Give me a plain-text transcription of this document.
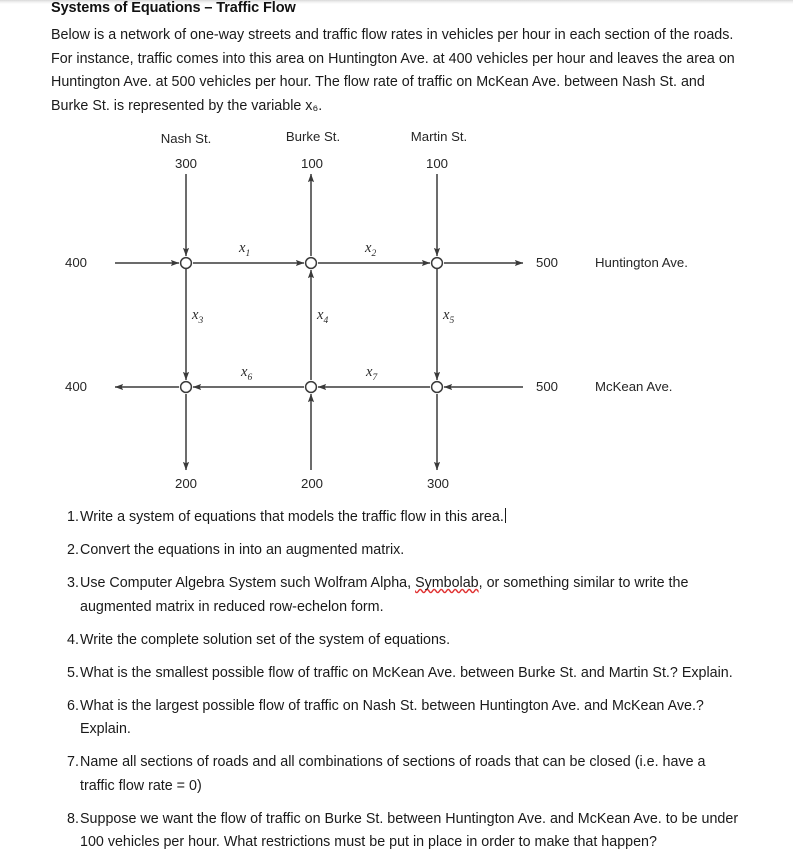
Systems of Equations – Traffic Flow
Below is a network of one-way streets and traffic flow rates in vehicles per hour in each section of the roads. For instance, traffic comes into this area on Huntington Ave. at 400 vehicles per hour and leaves the area on Huntington Ave. at 500 vehicles per hour. The flow rate of traffic on McKean Ave. between Nash St. and Burke St. is represented by the variable x₆.
Nash St.	Burke St.	Martin St.
300	100	100
200	200	300
400	500	Huntington Ave.
400	500	McKean Ave.
$x_1$	$x_2$
$x_3$	$x_4$	$x_5$
$x_6$	$x_7$
1. Write a system of equations that models the traffic flow in this area.
2. Convert the equations in into an augmented matrix.
3. Use Computer Algebra System such Wolfram Alpha, Symbolab, or something similar to write the augmented matrix in reduced row-echelon form.
4. Write the complete solution set of the system of equations.
5. What is the smallest possible flow of traffic on McKean Ave. between Burke St. and Martin St.? Explain.
6. What is the largest possible flow of traffic on Nash St. between Huntington Ave. and McKean Ave.? Explain.
7. Name all sections of roads and all combinations of sections of roads that can be closed (i.e. have a traffic flow rate = 0)
8. Suppose we want the flow of traffic on Burke St. between Huntington Ave. and McKean Ave. to be under 100 vehicles per hour. What restrictions must be put in place in order to make that happen?
